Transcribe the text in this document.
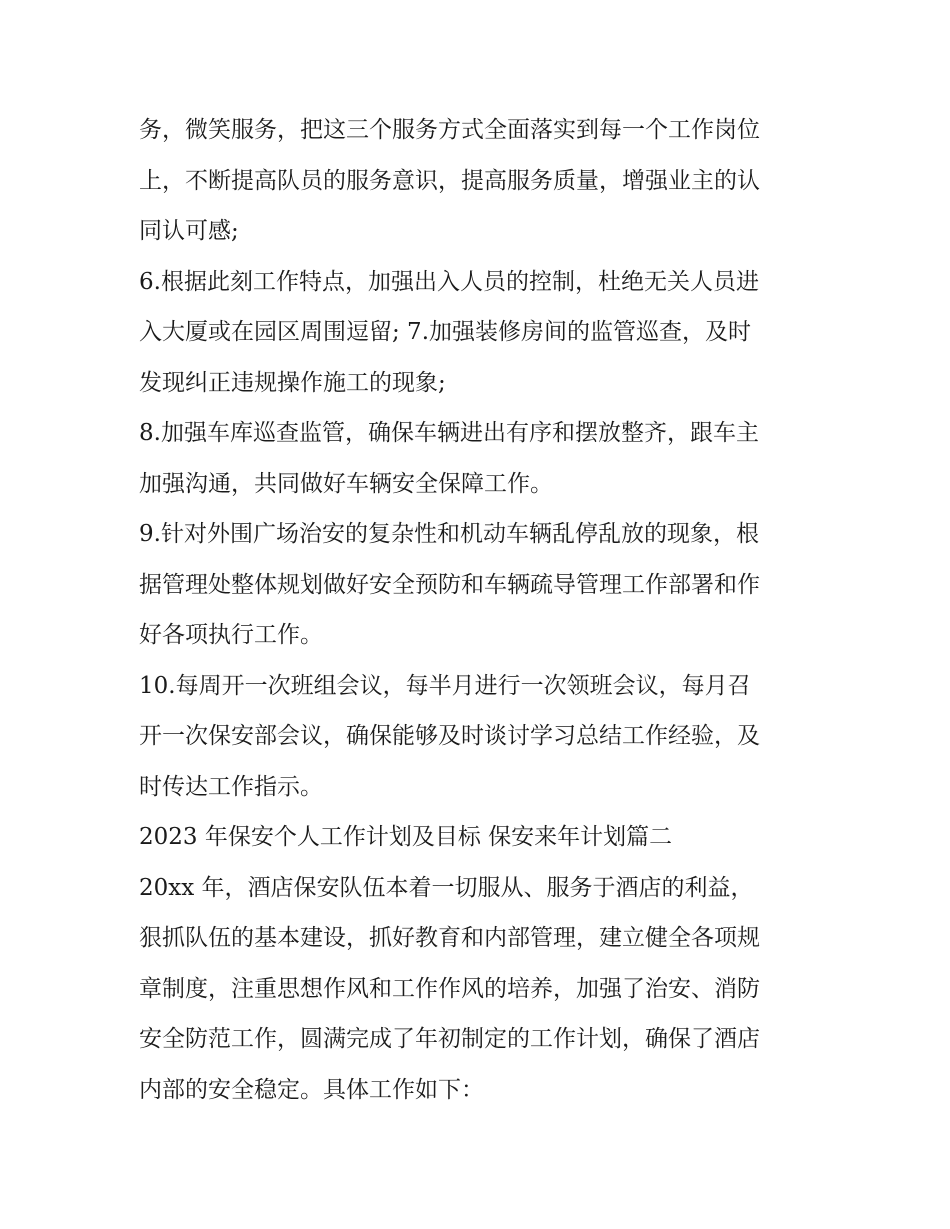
务，微笑服务，把这三个服务方式全面落实到每一个工作岗位
上，不断提高队员的服务意识，提高服务质量，增强业主的认
同认可感;
6.根据此刻工作特点，加强出入人员的控制，杜绝无关人员进
入大厦或在园区周围逗留; 7.加强装修房间的监管巡查，及时
发现纠正违规操作施工的现象;
8.加强车库巡查监管，确保车辆进出有序和摆放整齐，跟车主
加强沟通，共同做好车辆安全保障工作。
9.针对外围广场治安的复杂性和机动车辆乱停乱放的现象，根
据管理处整体规划做好安全预防和车辆疏导管理工作部署和作
好各项执行工作。
10.每周开一次班组会议，每半月进行一次领班会议，每月召
开一次保安部会议，确保能够及时谈讨学习总结工作经验，及
时传达工作指示。
2023 年保安个人工作计划及目标 保安来年计划篇二
20xx 年，酒店保安队伍本着一切服从、服务于酒店的利益，
狠抓队伍的基本建设，抓好教育和内部管理，建立健全各项规
章制度，注重思想作风和工作作风的培养，加强了治安、消防
安全防范工作，圆满完成了年初制定的工作计划，确保了酒店
内部的安全稳定。具体工作如下：
